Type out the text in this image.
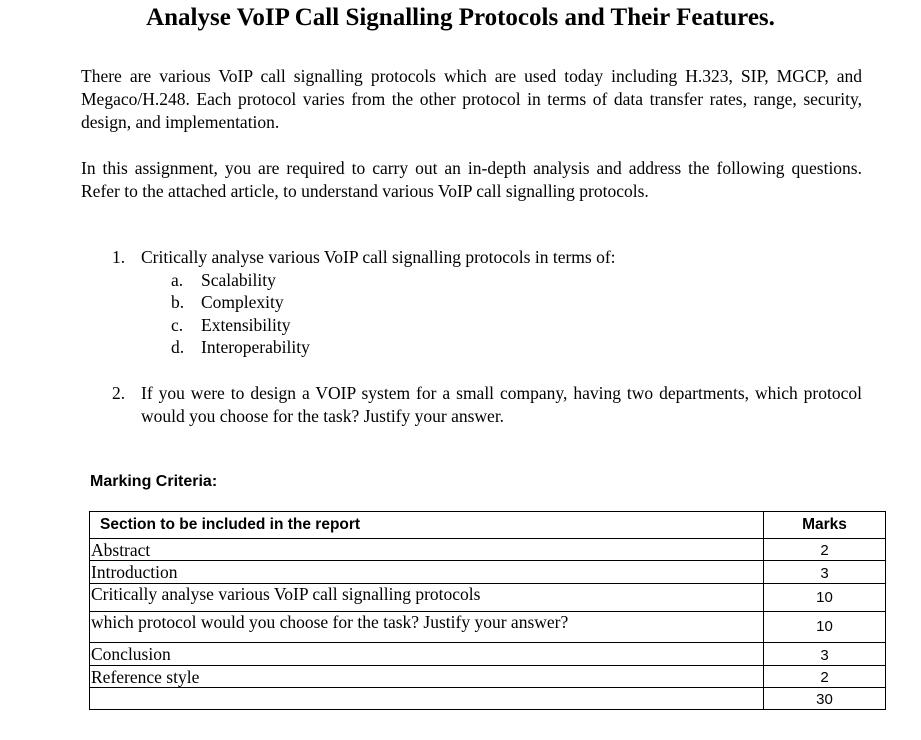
Analyse VoIP Call Signalling Protocols and Their Features.
There are various VoIP call signalling protocols which are used today including H.323, SIP, MGCP, and Megaco/H.248. Each protocol varies from the other protocol in terms of data transfer rates, range, security, design, and implementation.
In this assignment, you are required to carry out an in-depth analysis and address the following questions. Refer to the attached article, to understand various VoIP call signalling protocols.
1. Critically analyse various VoIP call signalling protocols in terms of:
a. Scalability
b. Complexity
c. Extensibility
d. Interoperability
2. If you were to design a VOIP system for a small company, having two departments, which protocol would you choose for the task? Justify your answer.
Marking Criteria:
Section to be included in the report	Marks
Abstract	2
Introduction	3
Critically analyse various VoIP call signalling protocols	10
which protocol would you choose for the task? Justify your answer?	10
Conclusion	3
Reference style	2
	30
